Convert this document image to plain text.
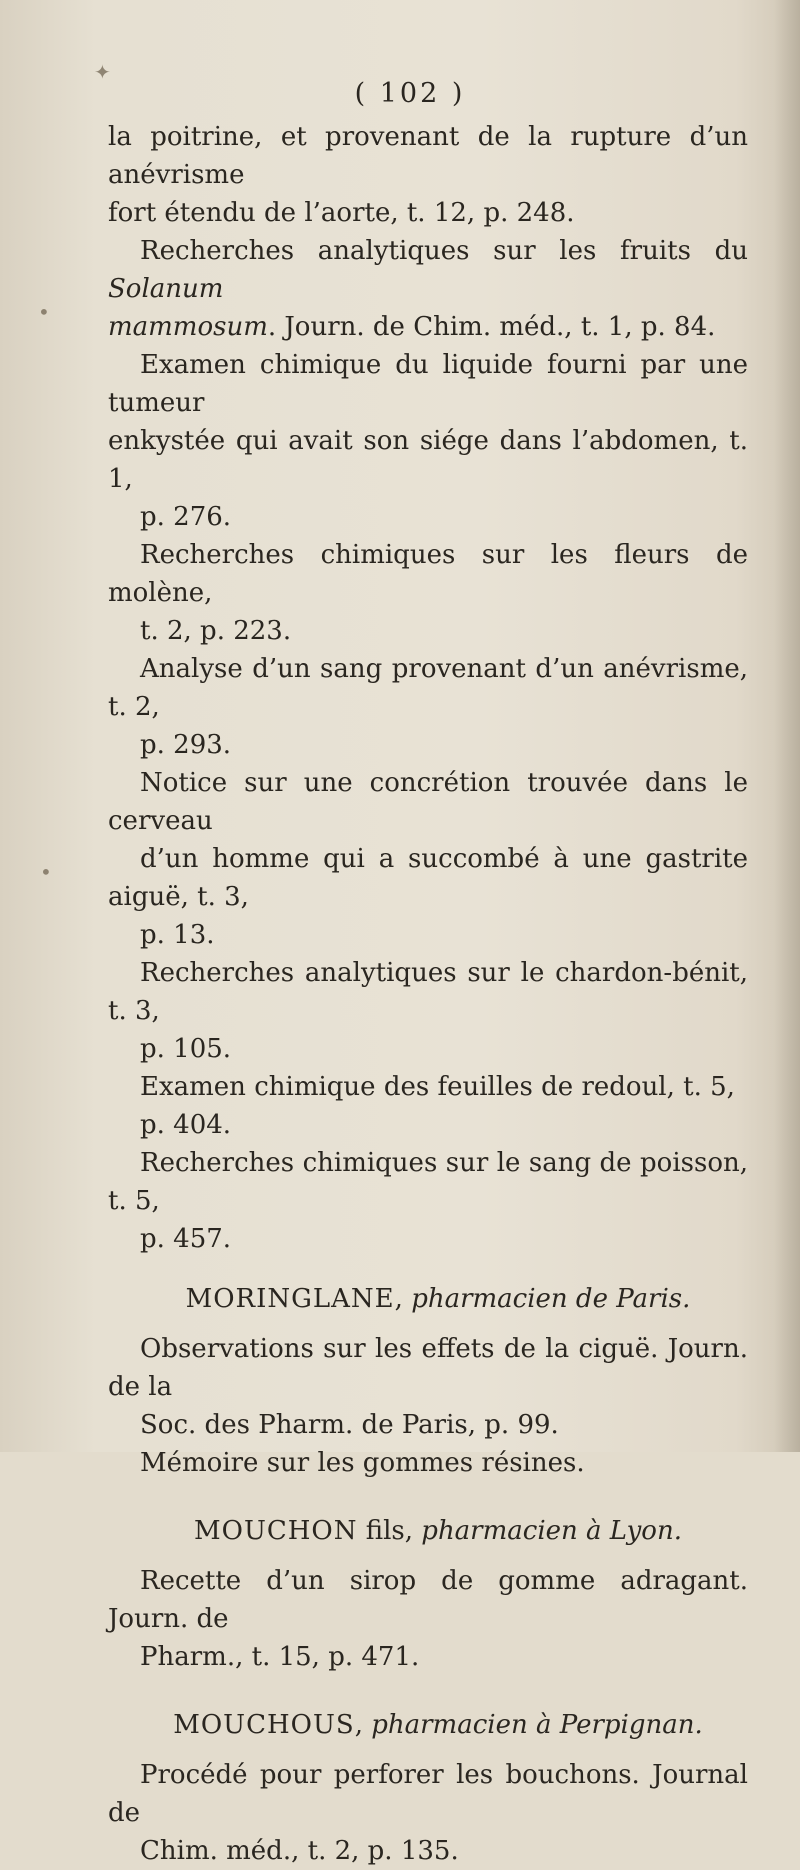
( 102 )

la poitrine, et provenant de la rupture d’un anévrisme
fort étendu de l’aorte, t. 12, p. 248.

Recherches analytiques sur les fruits du Solanum
mammosum. Journ. de Chim. méd., t. 1, p. 84.

Examen chimique du liquide fourni par une tumeur
enkystée qui avait son siége dans l’abdomen, t. 1,
p. 276.

Recherches chimiques sur les fleurs de molène,
t. 2, p. 223.

Analyse d’un sang provenant d’un anévrisme, t. 2,
p. 293.

Notice sur une concrétion trouvée dans le cerveau
d’un homme qui a succombé à une gastrite aiguë, t. 3,
p. 13.

Recherches analytiques sur le chardon-bénit, t. 3,
p. 105.

Examen chimique des feuilles de redoul, t. 5,
p. 404.

Recherches chimiques sur le sang de poisson, t. 5,
p. 457.

MORINGLANE, pharmacien de Paris.

Observations sur les effets de la ciguë. Journ. de la
Soc. des Pharm. de Paris, p. 99.

Mémoire sur les gommes résines.

MOUCHON fils, pharmacien à Lyon.

Recette d’un sirop de gomme adragant. Journ. de
Pharm., t. 15, p. 471.

MOUCHOUS, pharmacien à Perpignan.

Procédé pour perforer les bouchons. Journal de
Chim. méd., t. 2, p. 135.

✦
•
•
